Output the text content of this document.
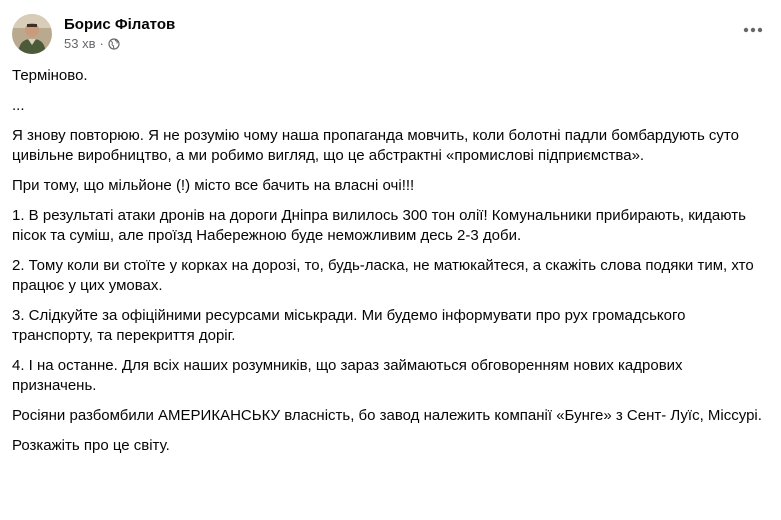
Борис Філатов
53 хв ·

Терміново.

...

Я знову повторюю. Я не розумію чому наша пропаганда мовчить, коли болотні падли бомбардують суто цивільне виробництво, а ми робимо вигляд, що це абстрактні «промислові підприємства».

При тому, що мільйоне (!) місто все бачить на власні очі!!!

1. В результаті атаки дронів на дороги Дніпра вилилось 300 тон олії! Комунальники прибирають, кидають пісок та суміш, але проїзд Набережною буде неможливим десь 2-3 доби.

2. Тому коли ви стоїте у корках на дорозі, то, будь-ласка, не матюкайтеся, а скажіть слова подяки тим, хто працює у цих умовах.

3. Слідкуйте за офіційними ресурсами міськради. Ми будемо інформувати про рух громадського транспорту, та перекриття доріг.

4. І на останне. Для всіх наших розумників, що зараз займаються обговоренням нових кадрових призначень.

Росіяни разбомбили АМЕРИКАНСЬКУ власність, бо завод належить компанії «Бунге» з Сент- Луїс, Міссурі.

Розкажіть про це світу.
